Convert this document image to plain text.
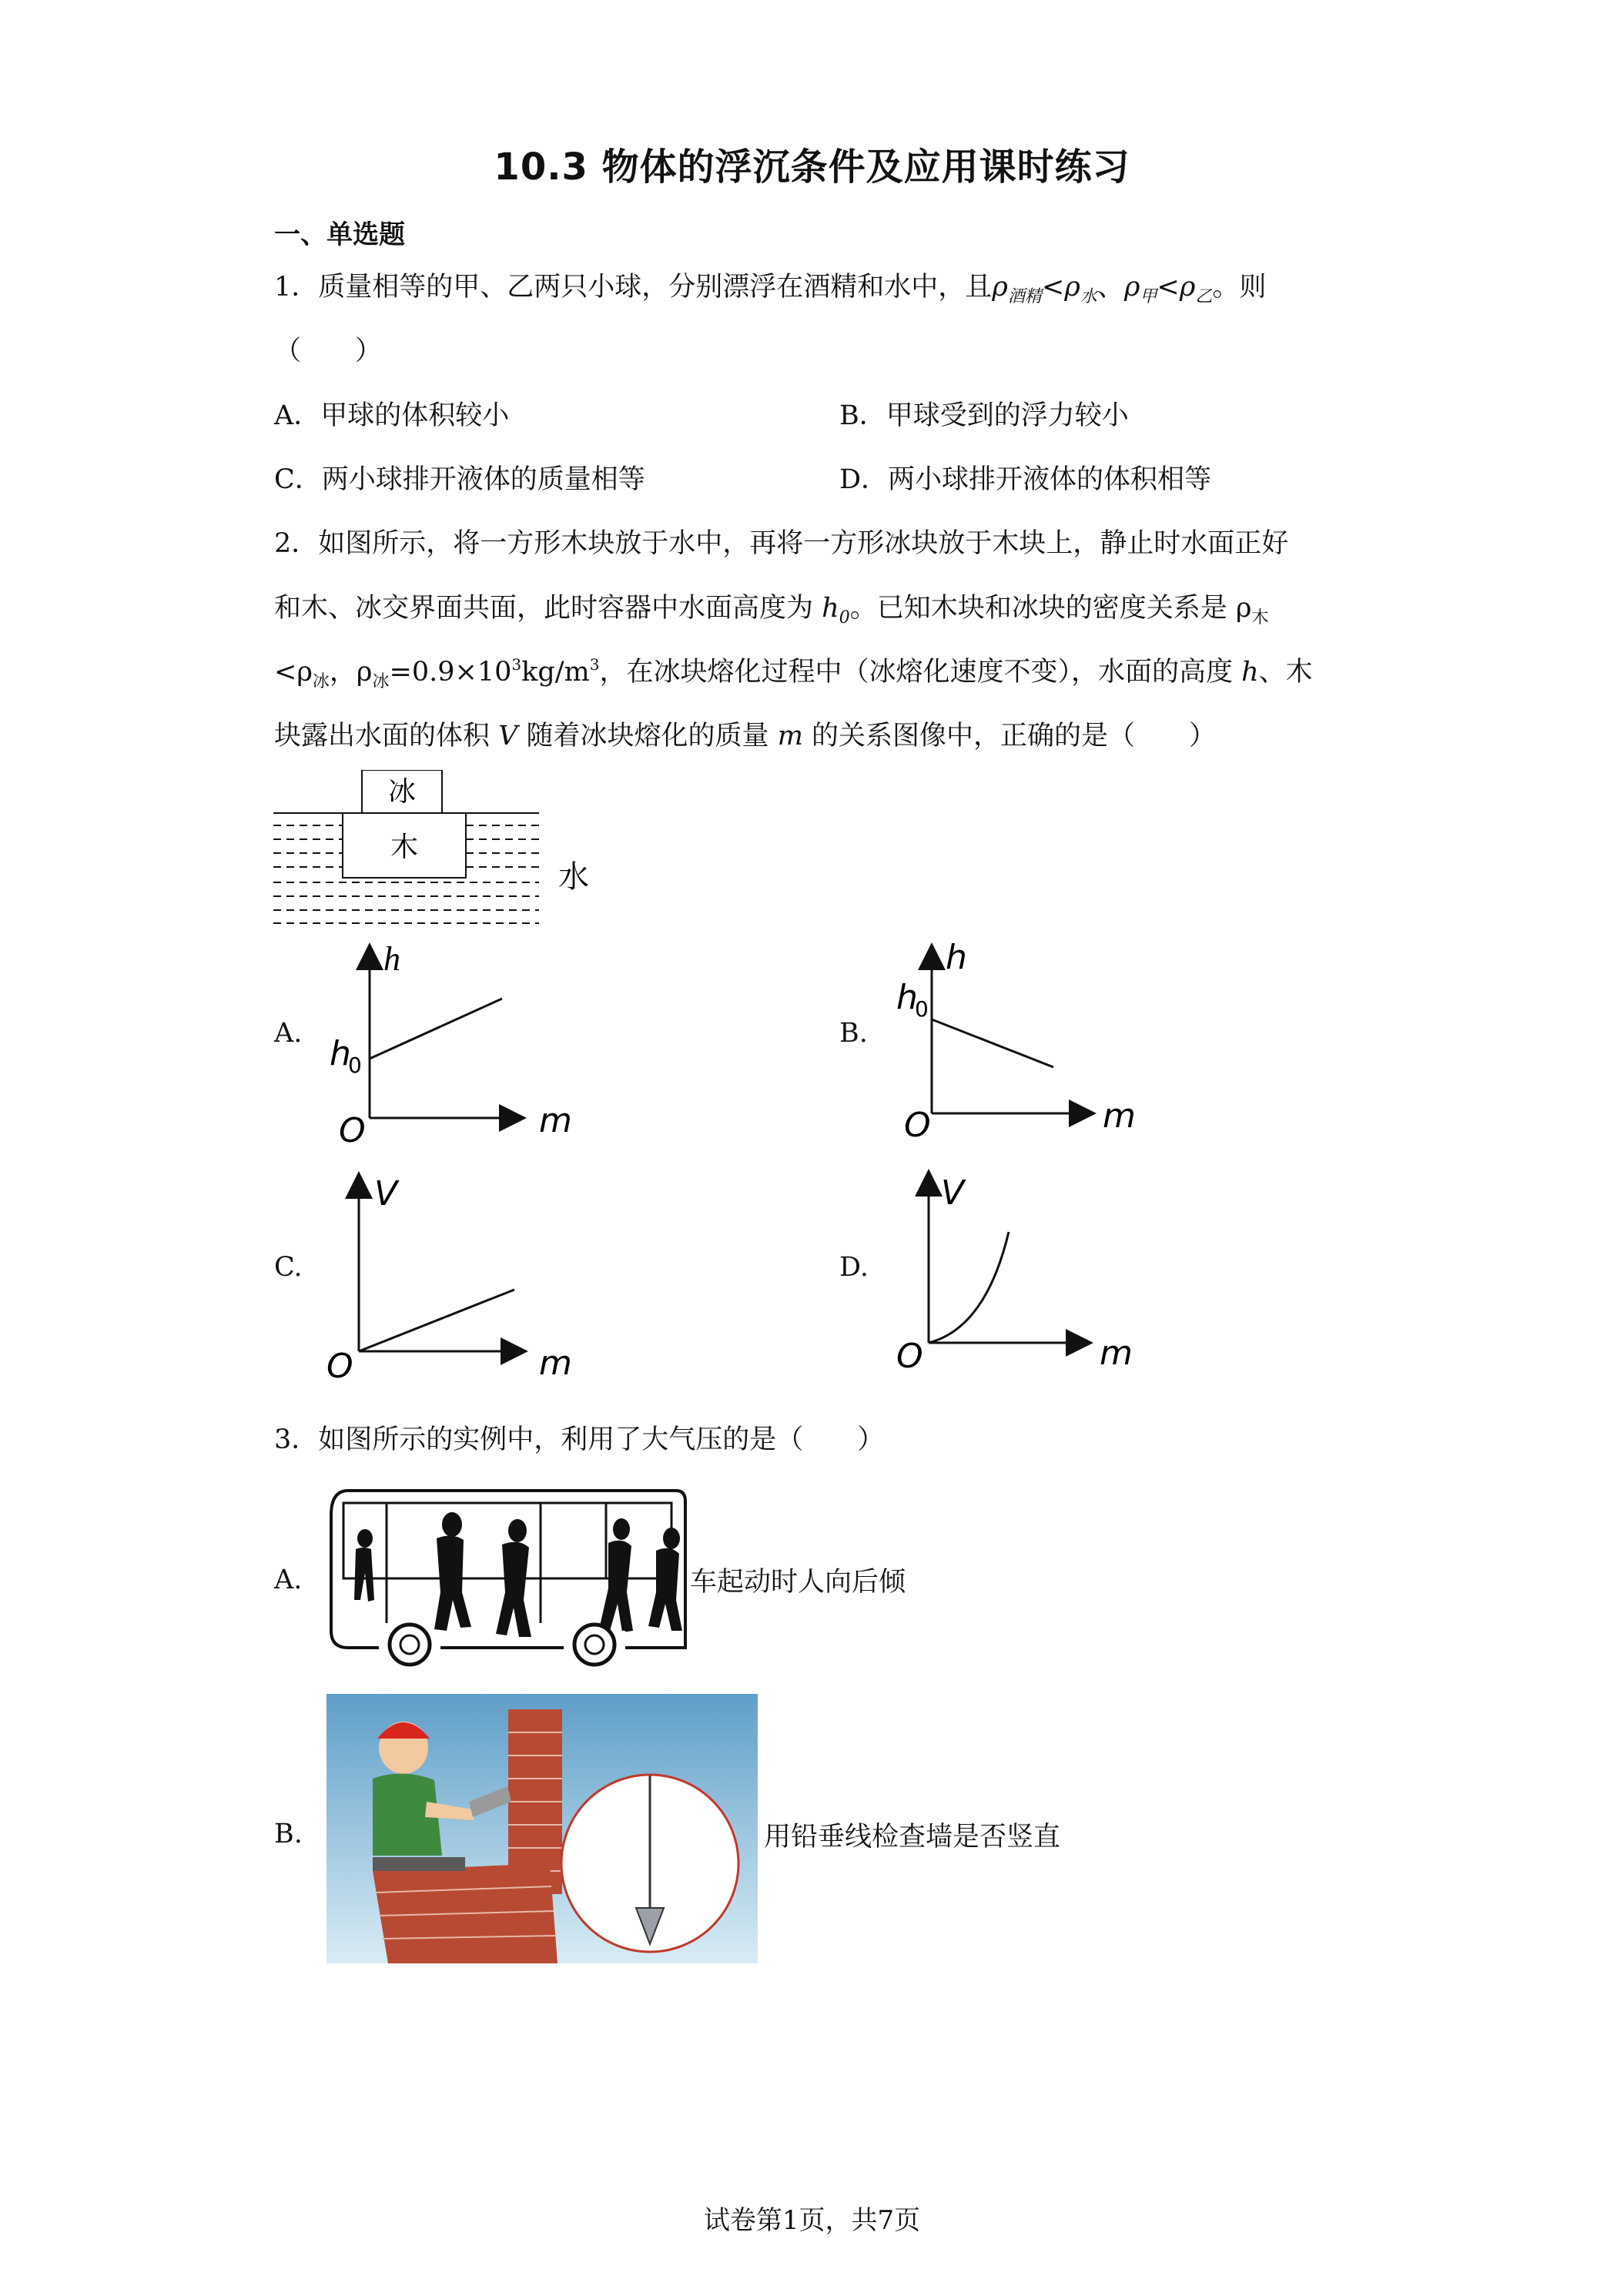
10.3 物体的浮沉条件及应用课时练习
一、单选题
1．质量相等的甲、乙两只小球，分别漂浮在酒精和水中，且$\rho_{酒精}<\rho_水$、$\rho_甲<\rho_乙$。则
（　　）
A．甲球的体积较小	B．甲球受到的浮力较小
C．两小球排开液体的质量相等	D．两小球排开液体的体积相等
2．如图所示，将一方形木块放于水中，再将一方形冰块放于木块上，静止时水面正好
和木、冰交界面共面，此时容器中水面高度为 $h_0$。已知木块和冰块的密度关系是 $\rho_木$
$<\rho_冰$，$\rho_冰=0.9\times 10^3kg/m^3$，在冰块熔化过程中（冰熔化速度不变），水面的高度 h、木
块露出水面的体积 V 随着冰块熔化的质量 m 的关系图像中，正确的是（　　）
冰
木
水
A.
h
m
O
h
0
B.
h
m
O
h
0
C.
V
m
O
D.
V
m
O
3．如图所示的实例中，利用了大气压的是（　　）
A.	车起动时人向后倾
B.	用铅垂线检查墙是否竖直
试卷第1页，共7页
